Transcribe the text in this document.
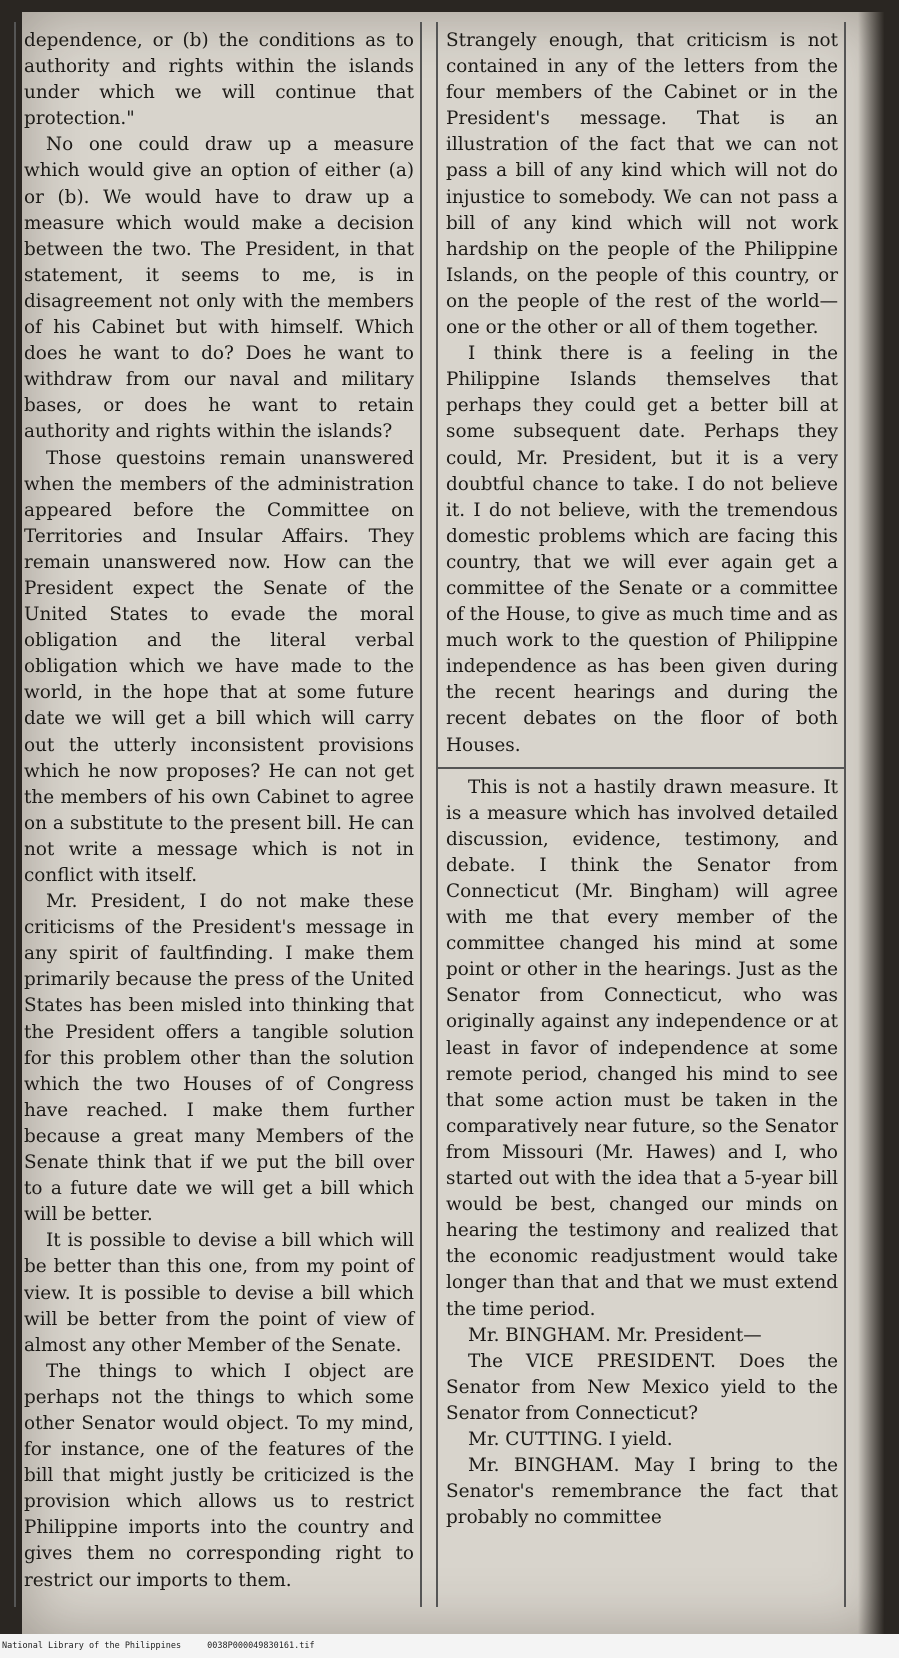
dependence, or (b) the conditions as to authority and rights within the islands under which we will continue that protection."

No one could draw up a measure which would give an option of either (a) or (b). We would have to draw up a measure which would make a decision between the two. The President, in that statement, it seems to me, is in disagreement not only with the members of his Cabinet but with himself. Which does he want to do? Does he want to withdraw from our naval and military bases, or does he want to retain authority and rights within the islands?

Those questoins remain unanswered when the members of the administration appeared before the Committee on Territories and Insular Affairs. They remain unanswered now. How can the President expect the Senate of the United States to evade the moral obligation and the literal verbal obligation which we have made to the world, in the hope that at some future date we will get a bill which will carry out the utterly inconsistent provisions which he now proposes? He can not get the members of his own Cabinet to agree on a substitute to the present bill. He can not write a message which is not in conflict with itself.

Mr. President, I do not make these criticisms of the President's message in any spirit of faultfinding. I make them primarily because the press of the United States has been misled into thinking that the President offers a tangible solution for this problem other than the solution which the two Houses of of Congress have reached. I make them further because a great many Members of the Senate think that if we put the bill over to a future date we will get a bill which will be better.

It is possible to devise a bill which will be better than this one, from my point of view. It is possible to devise a bill which will be better from the point of view of almost any other Member of the Senate.

The things to which I object are perhaps not the things to which some other Senator would object. To my mind, for instance, one of the features of the bill that might justly be criticized is the provision which allows us to restrict Philippine imports into the country and gives them no corresponding right to restrict our imports to them.

Strangely enough, that criticism is not contained in any of the letters from the four members of the Cabinet or in the President's message. That is an illustration of the fact that we can not pass a bill of any kind which will not do injustice to somebody. We can not pass a bill of any kind which will not work hardship on the people of the Philippine Islands, on the people of this country, or on the people of the rest of the world—one or the other or all of them together.

I think there is a feeling in the Philippine Islands themselves that perhaps they could get a better bill at some subsequent date. Perhaps they could, Mr. President, but it is a very doubtful chance to take. I do not believe it. I do not believe, with the tremendous domestic problems which are facing this country, that we will ever again get a committee of the Senate or a committee of the House, to give as much time and as much work to the question of Philippine independence as has been given during the recent hearings and during the recent debates on the floor of both Houses.

This is not a hastily drawn measure. It is a measure which has involved detailed discussion, evidence, testimony, and debate. I think the Senator from Connecticut (Mr. Bingham) will agree with me that every member of the committee changed his mind at some point or other in the hearings. Just as the Senator from Connecticut, who was originally against any independence or at least in favor of independence at some remote period, changed his mind to see that some action must be taken in the comparatively near future, so the Senator from Missouri (Mr. Hawes) and I, who started out with the idea that a 5-year bill would be best, changed our minds on hearing the testimony and realized that the economic readjustment would take longer than that and that we must extend the time period.

Mr. BINGHAM. Mr. President—

The VICE PRESIDENT. Does the Senator from New Mexico yield to the Senator from Connecticut?

Mr. CUTTING. I yield.

Mr. BINGHAM. May I bring to the Senator's remembrance the fact that probably no committee

National Library of the Philippines	0038P000049830161.tif
